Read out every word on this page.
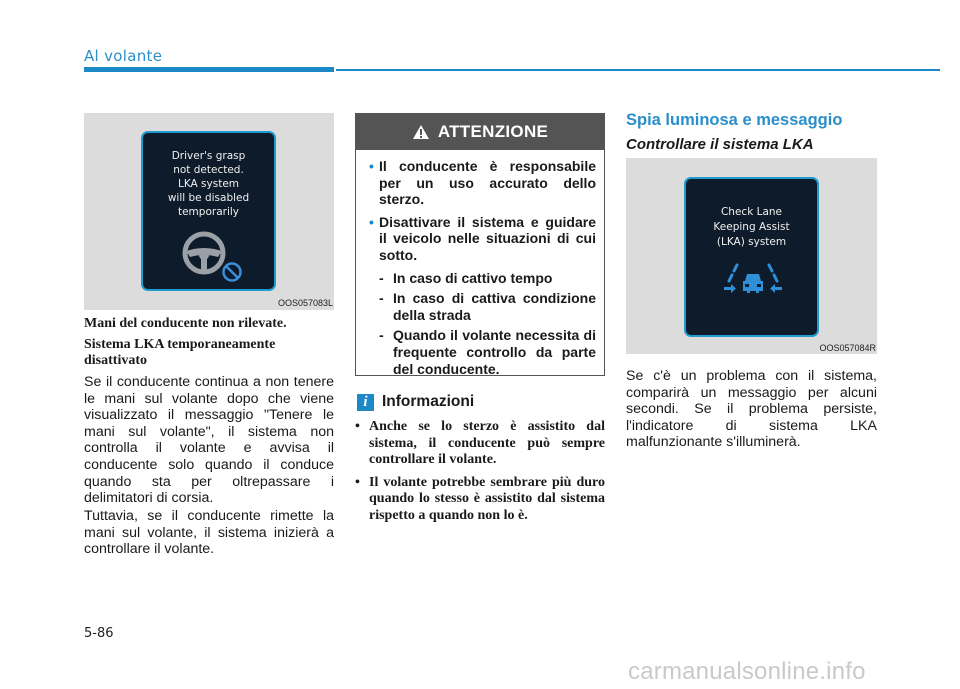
Al volante
Driver's grasp
not detected.
LKA system
will be disabled
temporarily
OOS057083L
Mani del conducente non rilevate.
Sistema LKA temporaneamente disattivato

Se il conducente continua a non tenere le mani sul volante dopo che viene visualizzato il messaggio "Tenere le mani sul volante", il sistema non controlla il volante e avvisa il conducente solo quando il conduce quando sta per oltrepassare i delimitatori di corsia.

Tuttavia, se il conducente rimette la mani sul volante, il sistema inizierà a controllare il volante.

ATTENZIONE
• Il conducente è responsabile per un uso accurato dello sterzo.
• Disattivare il sistema e guidare il veicolo nelle situazioni di cui sotto.
- In caso di cattivo tempo
- In caso di cattiva condizione della strada
- Quando il volante necessita di frequente controllo da parte del conducente.
i Informazioni
• Anche se lo sterzo è assistito dal sistema, il conducente può sempre controllare il volante.
• Il volante potrebbe sembrare più duro quando lo stesso è assistito dal sistema rispetto a quando non lo è.
Spia luminosa e messaggio
Controllare il sistema LKA
Check Lane
Keeping Assist
(LKA) system
OOS057084R

Se c'è un problema con il sistema, comparirà un messaggio per alcuni secondi. Se il problema persiste, l'indicatore di sistema LKA malfunzionante s'illuminerà.

5-86
carmanualsonline.info
